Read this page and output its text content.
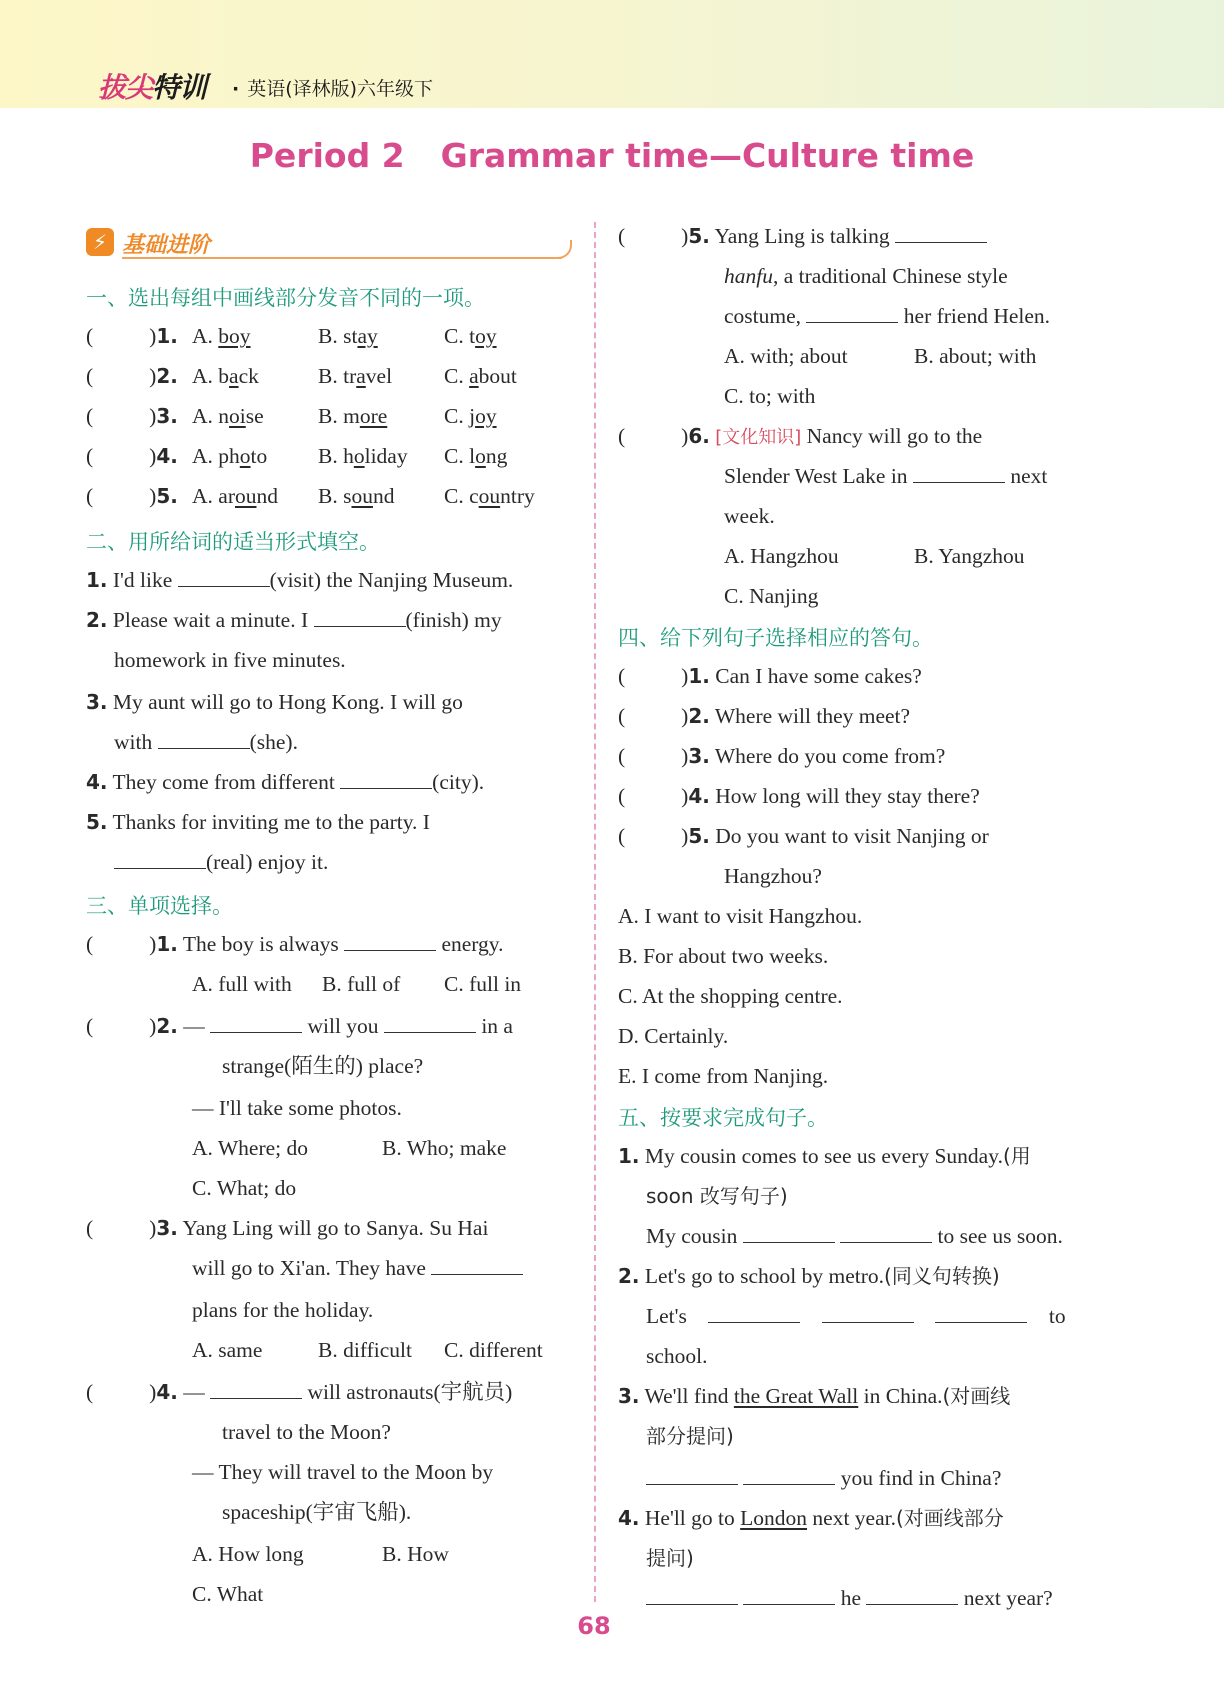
拔尖特训 · 英语(译林版)六年级下
Period 2 Grammar time—Culture time
⚡ 基础进阶
一、选出每组中画线部分发音不同的一项。
(	)1. A. boy	B. stay	C. toy
(	)2. A. back	B. travel C. about
(	)3. A. noise	B. more	C. joy
(	)4. A. photo B. holiday C. long
(	)5. A. around B. sound C. country
二、用所给词的适当形式填空。
1. I'd like	(visit) the Nanjing Museum.
2. Please wait a minute. I	(finish) my
homework in five minutes.
3. My aunt will go to Hong Kong. I will go
with	(she).
4. They come from different	(city).
5. Thanks for inviting me to the party. I
(real) enjoy it.
三、单项选择。
(	)1. The boy is always	energy.
A. full with B. full of C. full in
(	)2. —	will you	in a
strange(陌生的) place?
— I'll take some photos.
A. Where; do	B. Who; make
C. What; do
(	)3. Yang Ling will go to Sanya. Su Hai
will go to Xi'an. They have
plans for the holiday.
A. same	B. difficult C. different
(	)4. —	will astronauts(宇航员)
travel to the Moon?
— They will travel to the Moon by
spaceship(宇宙飞船).
A. How long	B. How
C. What
(	)5. Yang Ling is talking
hanfu, a traditional Chinese style
costume,	her friend Helen.
A. with; about	B. about; with
C. to; with
(	)6. [文化知识] Nancy will go to the
Slender West Lake in	next
week.
A. Hangzhou	B. Yangzhou
C. Nanjing
四、给下列句子选择相应的答句。
(	)1. Can I have some cakes?
(	)2. Where will they meet?
(	)3. Where do you come from?
(	)4. How long will they stay there?
(	)5. Do you want to visit Nanjing or
Hangzhou?
A. I want to visit Hangzhou.
B. For about two weeks.
C. At the shopping centre.
D. Certainly.
E. I come from Nanjing.
五、按要求完成句子。
1. My cousin comes to see us every Sunday.(用
soon 改写句子)
My cousin	to see us soon.
2. Let's go to school by metro.(同义句转换)
Let's	to
school.
3. We'll find the Great Wall in China.(对画线
部分提问)
you find in China?
4. He'll go to London next year.(对画线部分
提问)
he	next year?
68
